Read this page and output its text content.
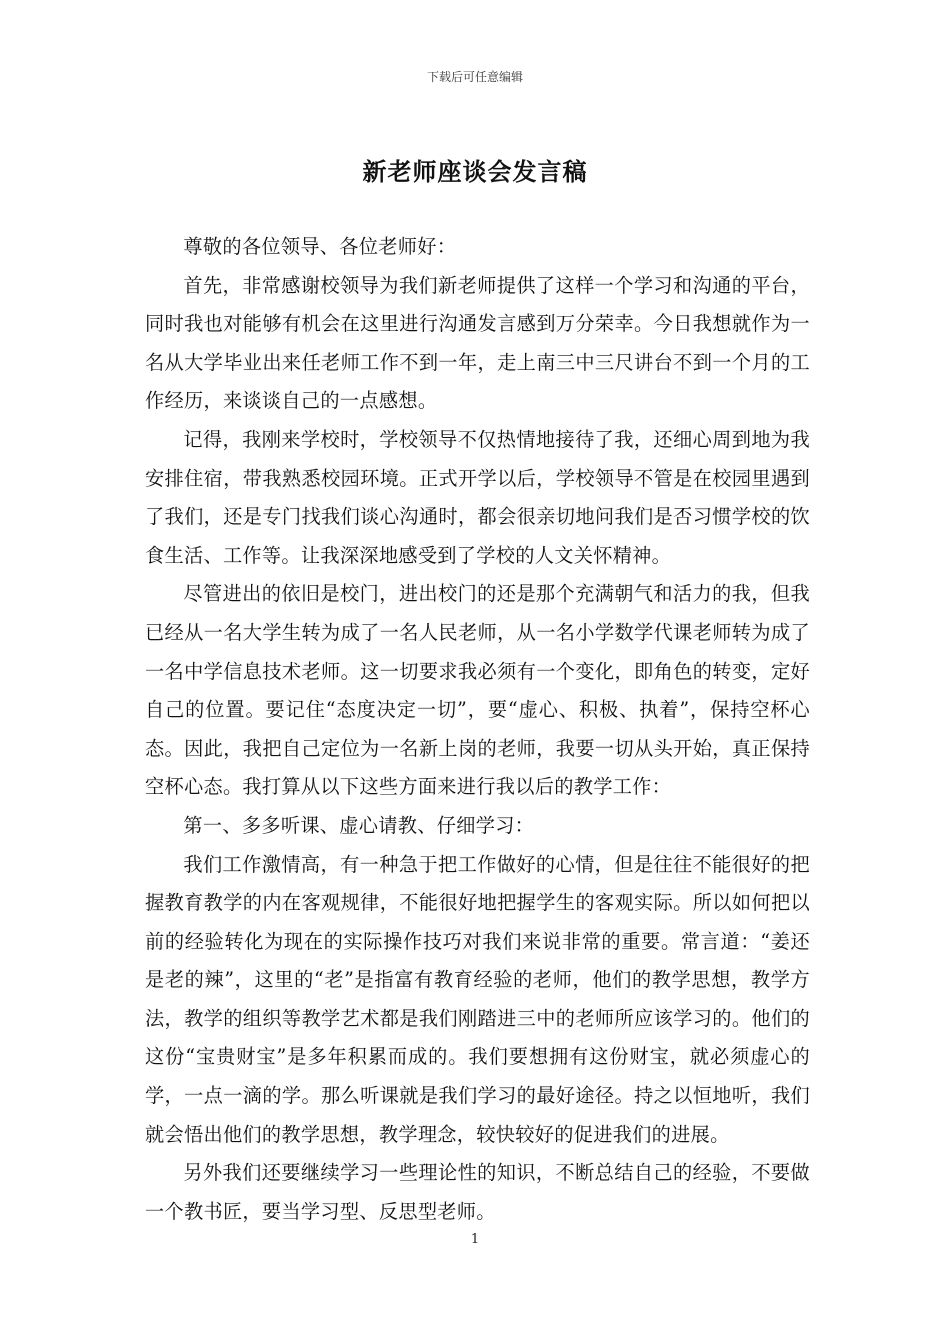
下载后可任意编辑
新老师座谈会发言稿

尊敬的各位领导、各位老师好：

首先，非常感谢校领导为我们新老师提供了这样一个学习和沟通的平台，同时我也对能够有机会在这里进行沟通发言感到万分荣幸。今日我想就作为一名从大学毕业出来任老师工作不到一年，走上南三中三尺讲台不到一个月的工作经历，来谈谈自己的一点感想。

记得，我刚来学校时，学校领导不仅热情地接待了我，还细心周到地为我安排住宿，带我熟悉校园环境。正式开学以后，学校领导不管是在校园里遇到了我们，还是专门找我们谈心沟通时，都会很亲切地问我们是否习惯学校的饮食生活、工作等。让我深深地感受到了学校的人文关怀精神。

尽管进出的依旧是校门，进出校门的还是那个充满朝气和活力的我，但我已经从一名大学生转为成了一名人民老师，从一名小学数学代课老师转为成了一名中学信息技术老师。这一切要求我必须有一个变化，即角色的转变，定好自己的位置。要记住“态度决定一切”，要“虚心、积极、执着”，保持空杯心态。因此，我把自己定位为一名新上岗的老师，我要一切从头开始，真正保持空杯心态。我打算从以下这些方面来进行我以后的教学工作：

第一、多多听课、虚心请教、仔细学习：

我们工作激情高，有一种急于把工作做好的心情，但是往往不能很好的把握教育教学的内在客观规律，不能很好地把握学生的客观实际。所以如何把以前的经验转化为现在的实际操作技巧对我们来说非常的重要。常言道：“姜还是老的辣”，这里的“老”是指富有教育经验的老师，他们的教学思想，教学方法，教学的组织等教学艺术都是我们刚踏进三中的老师所应该学习的。他们的这份“宝贵财宝”是多年积累而成的。我们要想拥有这份财宝，就必须虚心的学，一点一滴的学。那么听课就是我们学习的最好途径。持之以恒地听，我们就会悟出他们的教学思想，教学理念，较快较好的促进我们的进展。

另外我们还要继续学习一些理论性的知识，不断总结自己的经验，不要做一个教书匠，要当学习型、反思型老师。

1
